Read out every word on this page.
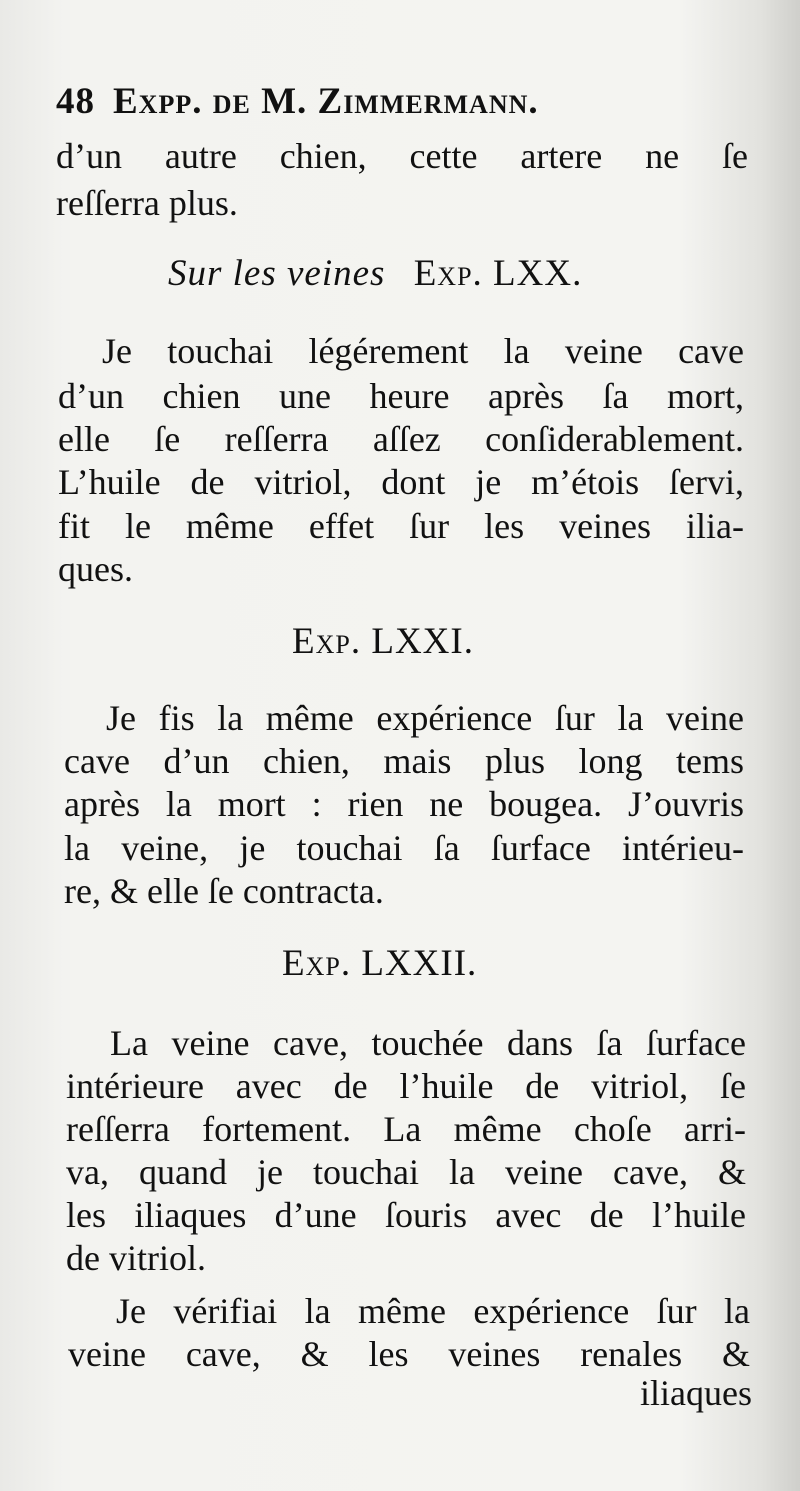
48 Expp. de M. Zimmermann.
d’un autre chien, cette artere ne ſe
reſſerra plus.
Sur les veines Exp. LXX.
Je touchai légérement la veine cave
d’un chien une heure après ſa mort,
elle ſe reſſerra aſſez conſiderablement.
L’huile de vitriol, dont je m’étois ſervi,
fit le même effet ſur les veines ilia-
ques.
Exp. LXXI.
Je fis la même expérience ſur la veine
cave d’un chien, mais plus long tems
après la mort : rien ne bougea. J’ouvris
la veine, je touchai ſa ſurface intérieu-
re, & elle ſe contracta.
Exp. LXXII.
La veine cave, touchée dans ſa ſurface
intérieure avec de l’huile de vitriol, ſe
reſſerra fortement. La même choſe arri-
va, quand je touchai la veine cave, &
les iliaques d’une ſouris avec de l’huile
de vitriol.
Je vérifiai la même expérience ſur la
veine cave, & les veines renales &
iliaques
